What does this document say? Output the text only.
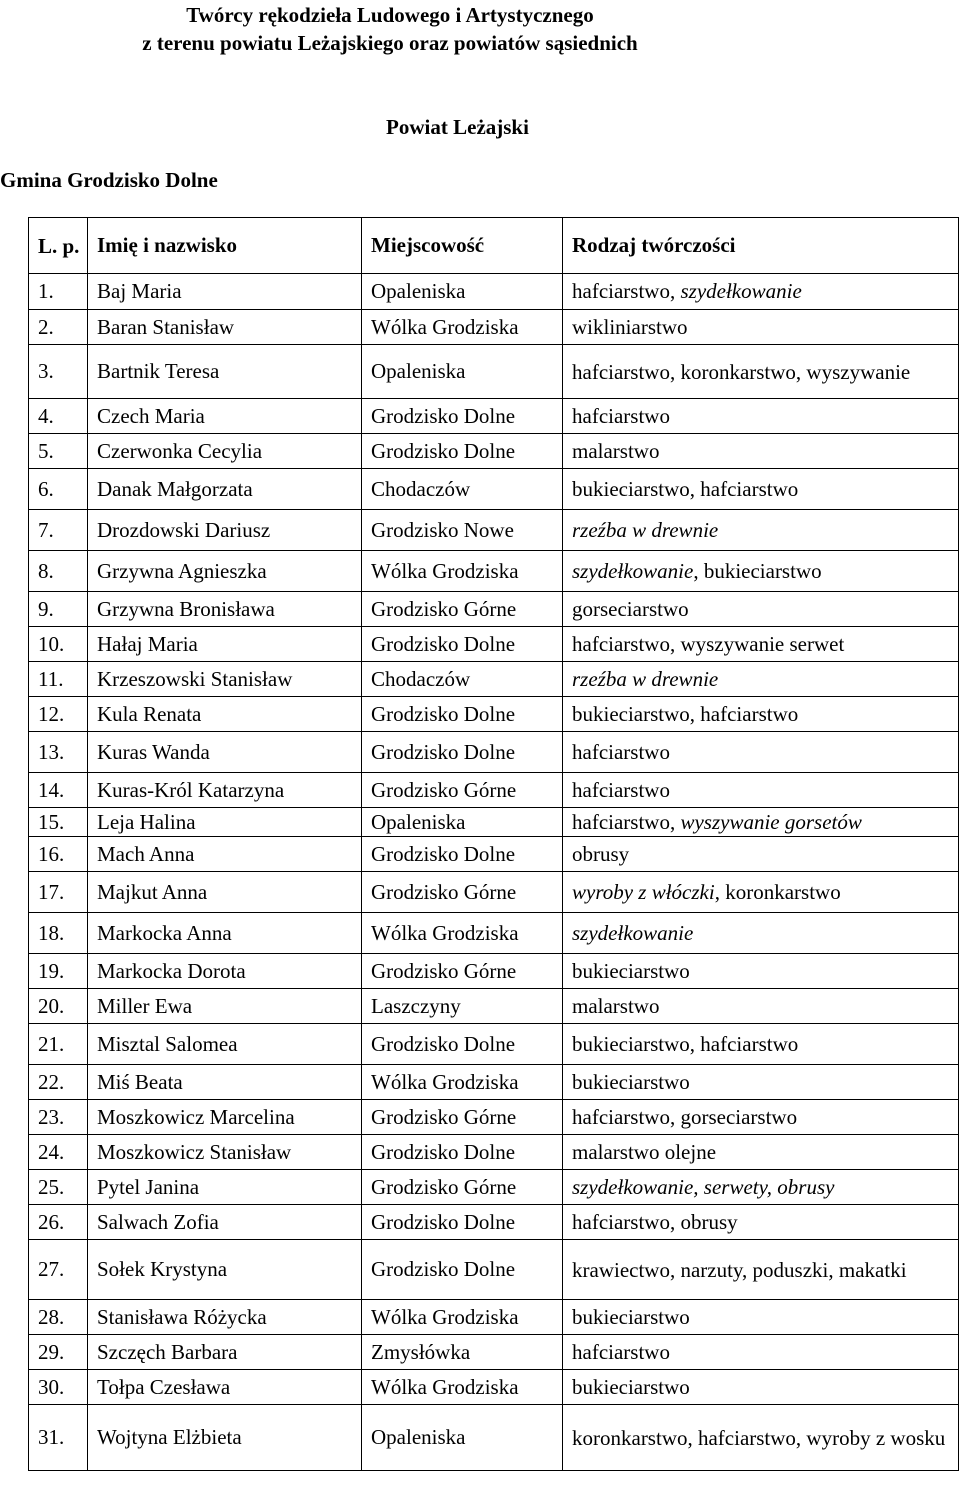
Twórcy rękodzieła Ludowego i Artystycznego
z terenu powiatu Leżajskiego oraz powiatów sąsiednich
Powiat Leżajski
Gmina Grodzisko Dolne
L. p.	Imię i nazwisko	Miejscowość	Rodzaj twórczości
1.	Baj Maria	Opaleniska	hafciarstwo, szydełkowanie
2.	Baran Stanisław	Wólka Grodziska	wikliniarstwo
3.	Bartnik Teresa	Opaleniska	hafciarstwo, koronkarstwo, wyszywanie
4.	Czech Maria	Grodzisko Dolne	hafciarstwo
5.	Czerwonka Cecylia	Grodzisko Dolne	malarstwo
6.	Danak Małgorzata	Chodaczów	bukieciarstwo, hafciarstwo
7.	Drozdowski Dariusz	Grodzisko Nowe	rzeźba w drewnie
8.	Grzywna Agnieszka	Wólka Grodziska	szydełkowanie, bukieciarstwo
9.	Grzywna Bronisława	Grodzisko Górne	gorseciarstwo
10.	Hałaj Maria	Grodzisko Dolne	hafciarstwo, wyszywanie serwet
11.	Krzeszowski Stanisław	Chodaczów	rzeźba w drewnie
12.	Kula Renata	Grodzisko Dolne	bukieciarstwo, hafciarstwo
13.	Kuras Wanda	Grodzisko Dolne	hafciarstwo
14.	Kuras-Król Katarzyna	Grodzisko Górne	hafciarstwo
15.	Leja Halina	Opaleniska	hafciarstwo, wyszywanie gorsetów
16.	Mach Anna	Grodzisko Dolne	obrusy
17.	Majkut Anna	Grodzisko Górne	wyroby z włóczki, koronkarstwo
18.	Markocka Anna	Wólka Grodziska	szydełkowanie
19.	Markocka Dorota	Grodzisko Górne	bukieciarstwo
20.	Miller Ewa	Laszczyny	malarstwo
21.	Misztal Salomea	Grodzisko Dolne	bukieciarstwo, hafciarstwo
22.	Miś Beata	Wólka Grodziska	bukieciarstwo
23.	Moszkowicz Marcelina	Grodzisko Górne	hafciarstwo, gorseciarstwo
24.	Moszkowicz Stanisław	Grodzisko Dolne	malarstwo olejne
25.	Pytel Janina	Grodzisko Górne	szydełkowanie, serwety, obrusy
26.	Salwach Zofia	Grodzisko Dolne	hafciarstwo, obrusy
27.	Sołek Krystyna	Grodzisko Dolne	krawiectwo, narzuty, poduszki, makatki
28.	Stanisława Różycka	Wólka Grodziska	bukieciarstwo
29.	Szczęch Barbara	Zmysłówka	hafciarstwo
30.	Tołpa Czesława	Wólka Grodziska	bukieciarstwo
31.	Wojtyna Elżbieta	Opaleniska	koronkarstwo, hafciarstwo, wyroby z wosku
